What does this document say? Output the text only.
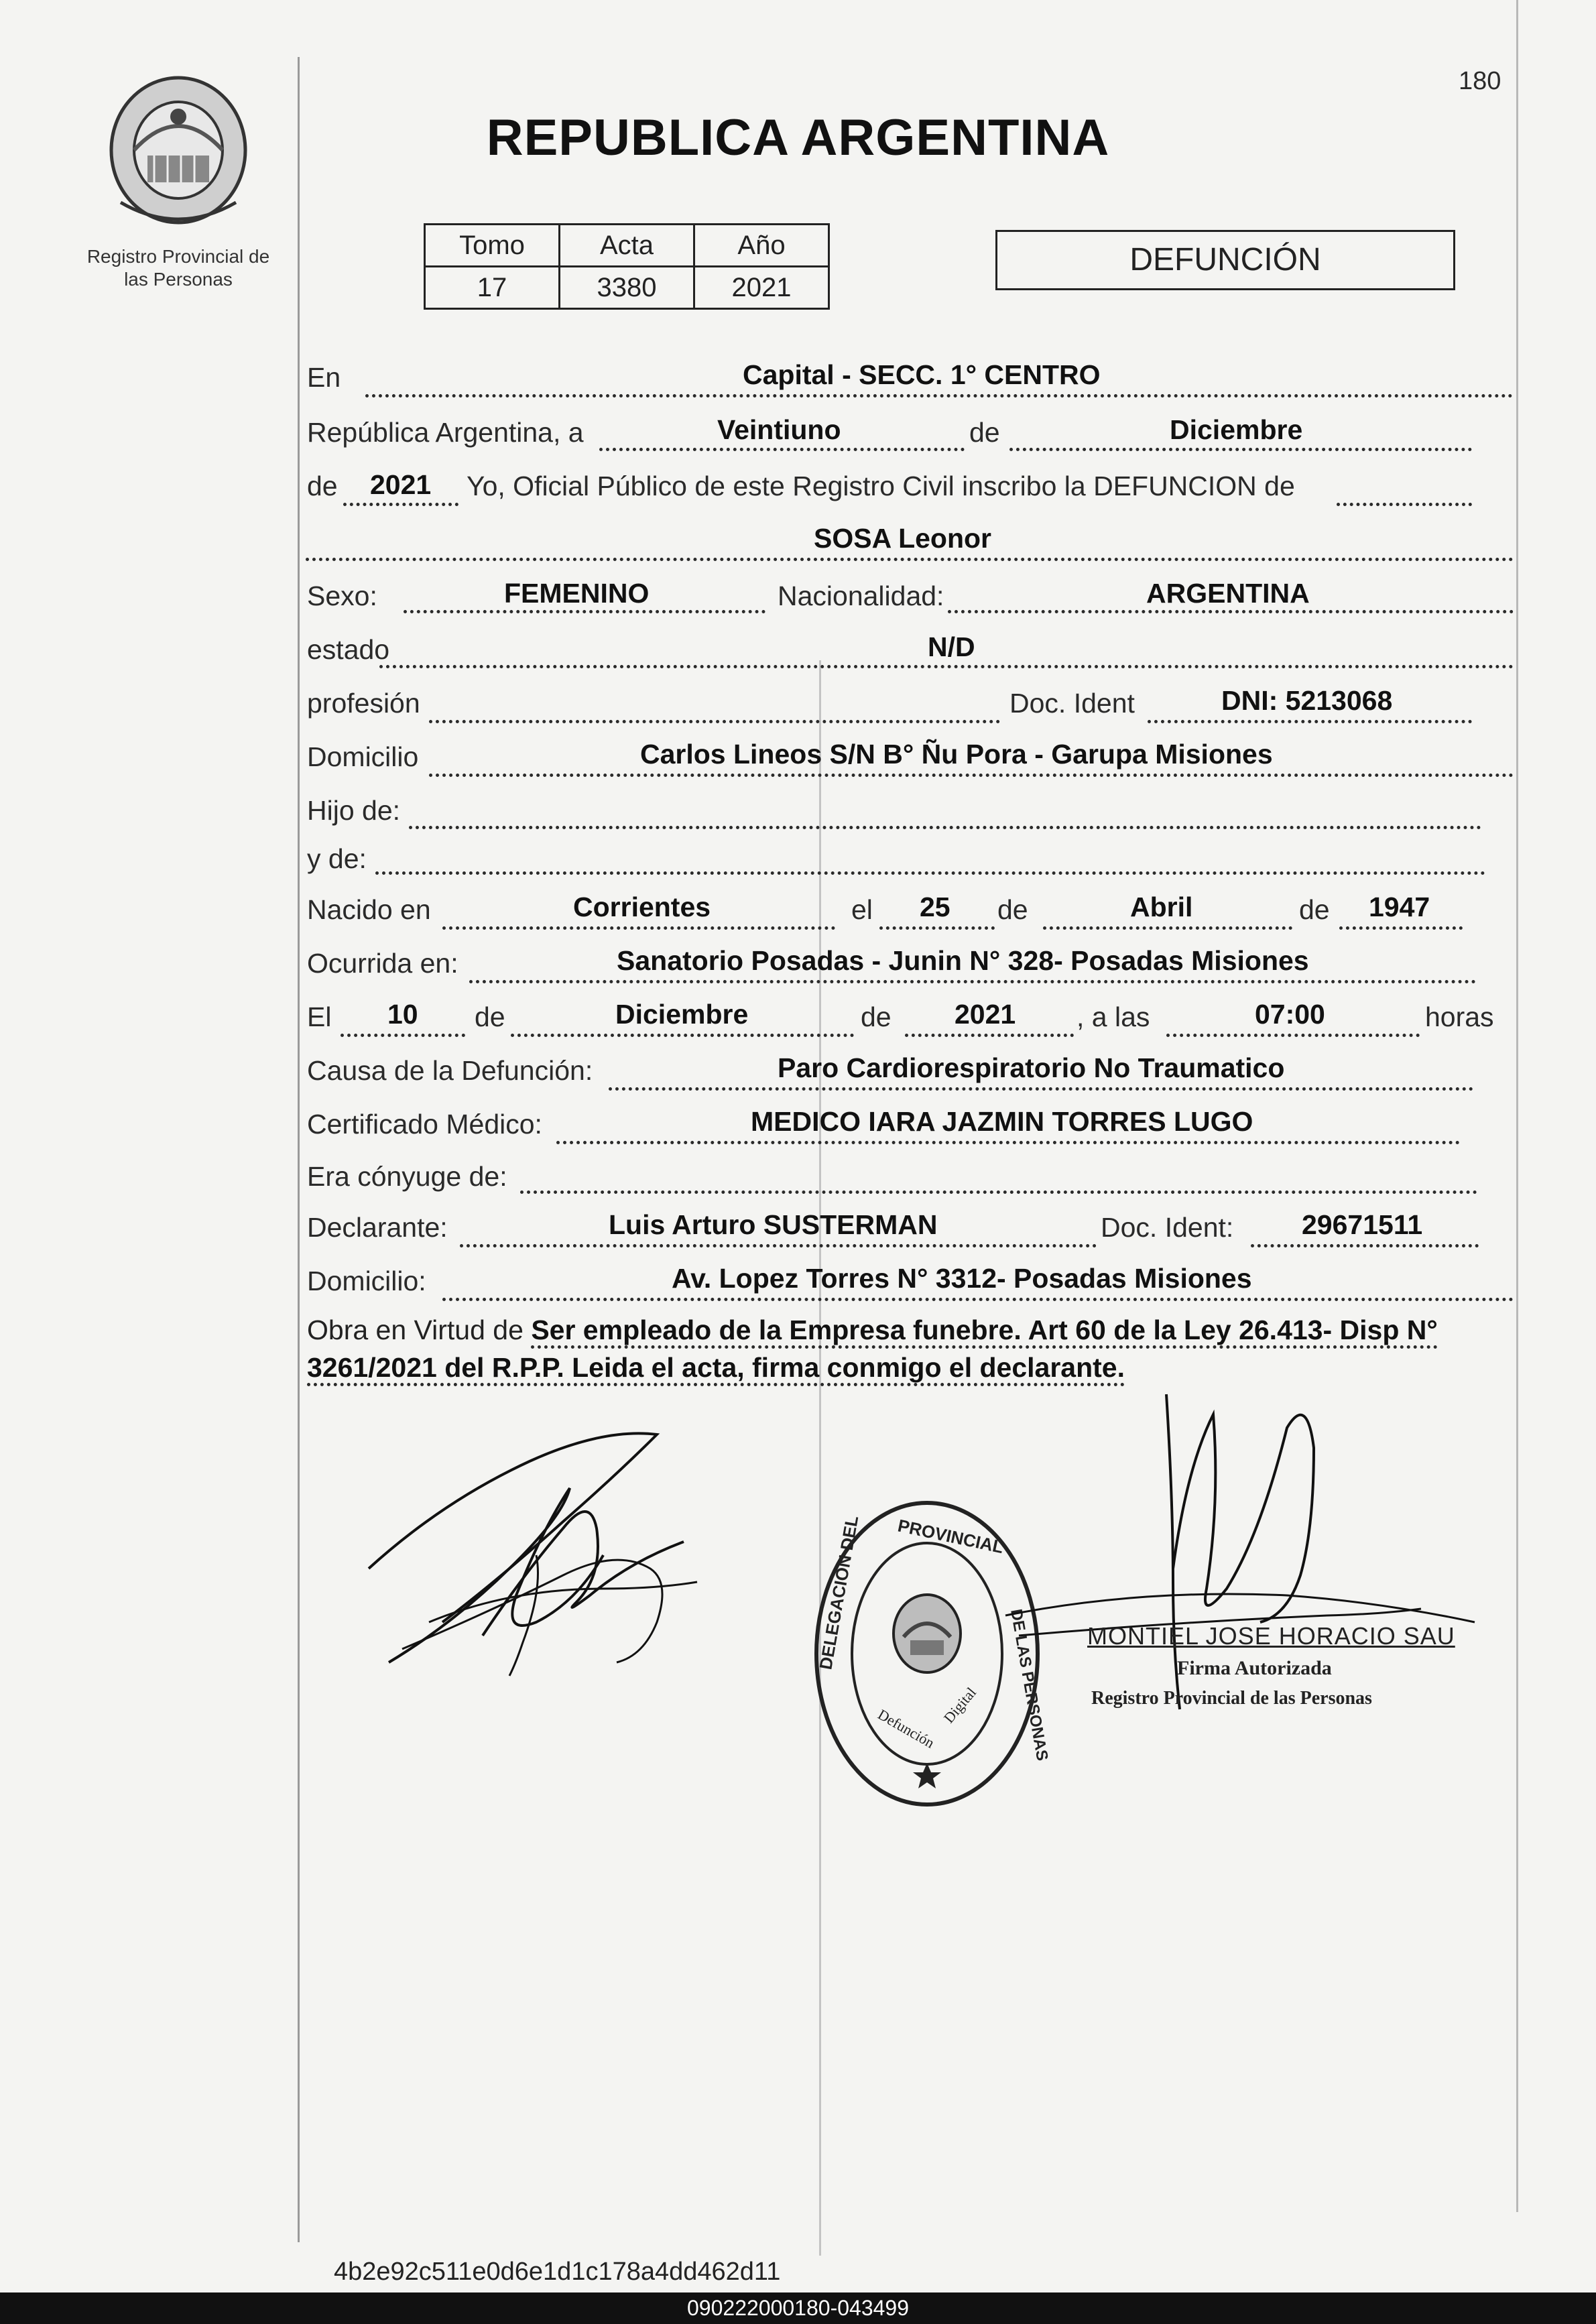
180
Registro Provincial de
las Personas
REPUBLICA ARGENTINA
Tomo	Acta	Año
17	3380	2021
DEFUNCIÓN
En	Capital - SECC. 1° CENTRO
República Argentina, a	Veintiuno	de	Diciembre
de 2021 Yo, Oficial Público de este Registro Civil inscribo la DEFUNCION de
SOSA Leonor
Sexo:	FEMENINO	Nacionalidad:	ARGENTINA
estado	N/D
profesión	Doc. Ident	DNI: 5213068
Domicilio	Carlos Lineos S/N B° Ñu Pora - Garupa Misiones
Hijo de:
y de:
Nacido en	Corrientes	el 25 de	Abril	de 1947
Ocurrida en:	Sanatorio Posadas - Junin N° 328- Posadas Misiones
El 10 de	Diciembre	de 2021 , a las	07:00	horas
Causa de la Defunción:	Paro Cardiorespiratorio No Traumatico
Certificado Médico:	MEDICO IARA JAZMIN TORRES LUGO
Era cónyuge de:
Declarante:	Luis Arturo SUSTERMAN	Doc. Ident: 29671511
Domicilio:	Av. Lopez Torres N° 3312- Posadas Misiones
Obra en Virtud de Ser empleado de la Empresa funebre. Art 60 de la Ley 26.413- Disp N° 3261/2021 del R.P.P. Leida el acta, firma conmigo el declarante.
DELEGACION DEL PROVINCIAL
DE LAS PERSONAS
Defunción
Digital
MONTIEL JOSE HORACIO SAU
Firma Autorizada
Registro Provincial de las Personas
4b2e92c511e0d6e1d1c178a4dd462d11
090222000180-043499
